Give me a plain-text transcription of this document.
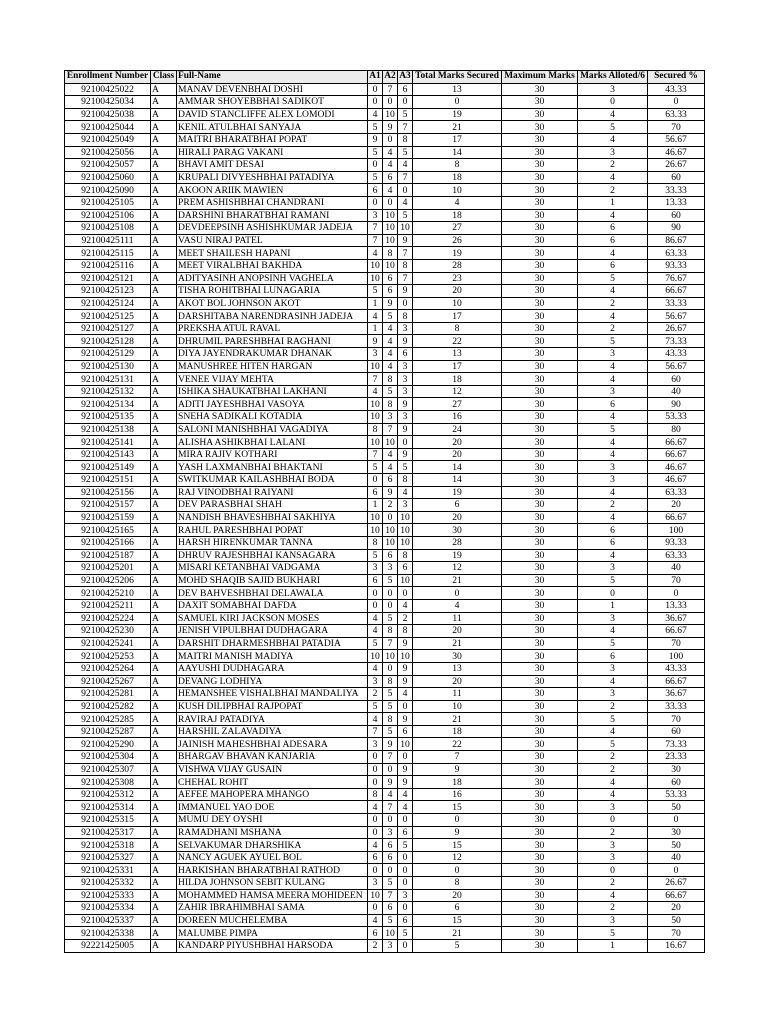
Enrollment Number	Class	Full-Name	A1	A2	A3	Total Marks Secured	Maximum Marks	Marks Alloted/6	Secured %
92100425022	A	MANAV DEVENBHAI DOSHI	0	7	6	13	30	3	43.33
92100425034	A	AMMAR SHOYEBBHAI SADIKOT	0	0	0	0	30	0	0
92100425038	A	DAVID STANCLIFFE ALEX LOMODI	4	10	5	19	30	4	63.33
92100425044	A	KENIL ATULBHAI SANYAJA	5	9	7	21	30	5	70
92100425049	A	MAITRI BHARATBHAI POPAT	9	0	8	17	30	4	56.67
92100425056	A	HIRALI PARAG VAKANI	5	4	5	14	30	3	46.67
92100425057	A	BHAVI AMIT DESAI	0	4	4	8	30	2	26.67
92100425060	A	KRUPALI DIVYESHBHAI PATADIYA	5	6	7	18	30	4	60
92100425090	A	AKOON ARIIK MAWIEN	6	4	0	10	30	2	33.33
92100425105	A	PREM ASHISHBHAI CHANDRANI	0	0	4	4	30	1	13.33
92100425106	A	DARSHINI BHARATBHAI RAMANI	3	10	5	18	30	4	60
92100425108	A	DEVDEEPSINH ASHISHKUMAR JADEJA	7	10	10	27	30	6	90
92100425111	A	VASU NIRAJ PATEL	7	10	9	26	30	6	86.67
92100425115	A	MEET SHAILESH HAPANI	4	8	7	19	30	4	63.33
92100425116	A	MEET VIRALBHAI BAKHDA	10	10	8	28	30	6	93.33
92100425121	A	ADITYASINH ANOPSINH VAGHELA	10	6	7	23	30	5	76.67
92100425123	A	TISHA ROHITBHAI LUNAGARIA	5	6	9	20	30	4	66.67
92100425124	A	AKOT BOL JOHNSON AKOT	1	9	0	10	30	2	33.33
92100425125	A	DARSHITABA NARENDRASINH JADEJA	4	5	8	17	30	4	56.67
92100425127	A	PREKSHA ATUL RAVAL	1	4	3	8	30	2	26.67
92100425128	A	DHRUMIL PARESHBHAI RAGHANI	9	4	9	22	30	5	73.33
92100425129	A	DIYA JAYENDRAKUMAR DHANAK	3	4	6	13	30	3	43.33
92100425130	A	MANUSHREE HITEN HARGAN	10	4	3	17	30	4	56.67
92100425131	A	VENEE VIJAY MEHTA	7	8	3	18	30	4	60
92100425132	A	ISHIKA SHAUKATBHAI LAKHANI	4	5	3	12	30	3	40
92100425134	A	ADITI JAYESHBHAI VASOYA	10	8	9	27	30	6	90
92100425135	A	SNEHA SADIKALI KOTADIA	10	3	3	16	30	4	53.33
92100425138	A	SALONI MANISHBHAI VAGADIYA	8	7	9	24	30	5	80
92100425141	A	ALISHA ASHIKBHAI LALANI	10	10	0	20	30	4	66.67
92100425143	A	MIRA RAJIV KOTHARI	7	4	9	20	30	4	66.67
92100425149	A	YASH LAXMANBHAI BHAKTANI	5	4	5	14	30	3	46.67
92100425151	A	SWITKUMAR KAILASHBHAI BODA	0	6	8	14	30	3	46.67
92100425156	A	RAJ VINODBHAI RAIYANI	6	9	4	19	30	4	63.33
92100425157	A	DEV PARASBHAI SHAH	1	2	3	6	30	2	20
92100425159	A	NANDISH BHAVESHBHAI SAKHIYA	10	0	10	20	30	4	66.67
92100425165	A	RAHUL PARESHBHAI POPAT	10	10	10	30	30	6	100
92100425166	A	HARSH HIRENKUMAR TANNA	8	10	10	28	30	6	93.33
92100425187	A	DHRUV RAJESHBHAI KANSAGARA	5	6	8	19	30	4	63.33
92100425201	A	MISARI KETANBHAI VADGAMA	3	3	6	12	30	3	40
92100425206	A	MOHD SHAQIB SAJID BUKHARI	6	5	10	21	30	5	70
92100425210	A	DEV BAHVESHBHAI DELAWALA	0	0	0	0	30	0	0
92100425211	A	DAXIT SOMABHAI DAFDA	0	0	4	4	30	1	13.33
92100425224	A	SAMUEL KIRI JACKSON MOSES	4	5	2	11	30	3	36.67
92100425230	A	JENISH VIPULBHAI DUDHAGARA	4	8	8	20	30	4	66.67
92100425241	A	DARSHIT DHARMESHBHAI PATADIA	5	7	9	21	30	5	70
92100425253	A	MAITRI MANISH MADIYA	10	10	10	30	30	6	100
92100425264	A	AAYUSHI DUDHAGARA	4	0	9	13	30	3	43.33
92100425267	A	DEVANG LODHIYA	3	8	9	20	30	4	66.67
92100425281	A	HEMANSHEE VISHALBHAI MANDALIYA	2	5	4	11	30	3	36.67
92100425282	A	KUSH DILIPBHAI RAJPOPAT	5	5	0	10	30	2	33.33
92100425285	A	RAVIRAJ PATADIYA	4	8	9	21	30	5	70
92100425287	A	HARSHIL ZALAVADIYA	7	5	6	18	30	4	60
92100425290	A	JAINISH MAHESHBHAI ADESARA	3	9	10	22	30	5	73.33
92100425304	A	BHARGAV BHAVAN KANJARIA	0	7	0	7	30	2	23.33
92100425307	A	VISHWA VIJAY GUSAIN	0	0	9	9	30	2	30
92100425308	A	CHEHAL ROHIT	0	9	9	18	30	4	60
92100425312	A	AEFEE MAHOPERA MHANGO	8	4	4	16	30	4	53.33
92100425314	A	IMMANUEL YAO DOE	4	7	4	15	30	3	50
92100425315	A	MUMU DEY OYSHI	0	0	0	0	30	0	0
92100425317	A	RAMADHANI MSHANA	0	3	6	9	30	2	30
92100425318	A	SELVAKUMAR DHARSHIKA	4	6	5	15	30	3	50
92100425327	A	NANCY AGUEK AYUEL BOL	6	6	0	12	30	3	40
92100425331	A	HARKISHAN BHARATBHAI RATHOD	0	0	0	0	30	0	0
92100425332	A	HILDA JOHNSON SEBIT KULANG	3	5	0	8	30	2	26.67
92100425333	A	MOHAMMED HAMSA MEERA MOHIDEEN	10	7	3	20	30	4	66.67
92100425334	A	ZAHIR IBRAHIMBHAI SAMA	0	6	0	6	30	2	20
92100425337	A	DOREEN MUCHELEMBA	4	5	6	15	30	3	50
92100425338	A	MALUMBE PIMPA	6	10	5	21	30	5	70
92221425005	A	KANDARP PIYUSHBHAI HARSODA	2	3	0	5	30	1	16.67
